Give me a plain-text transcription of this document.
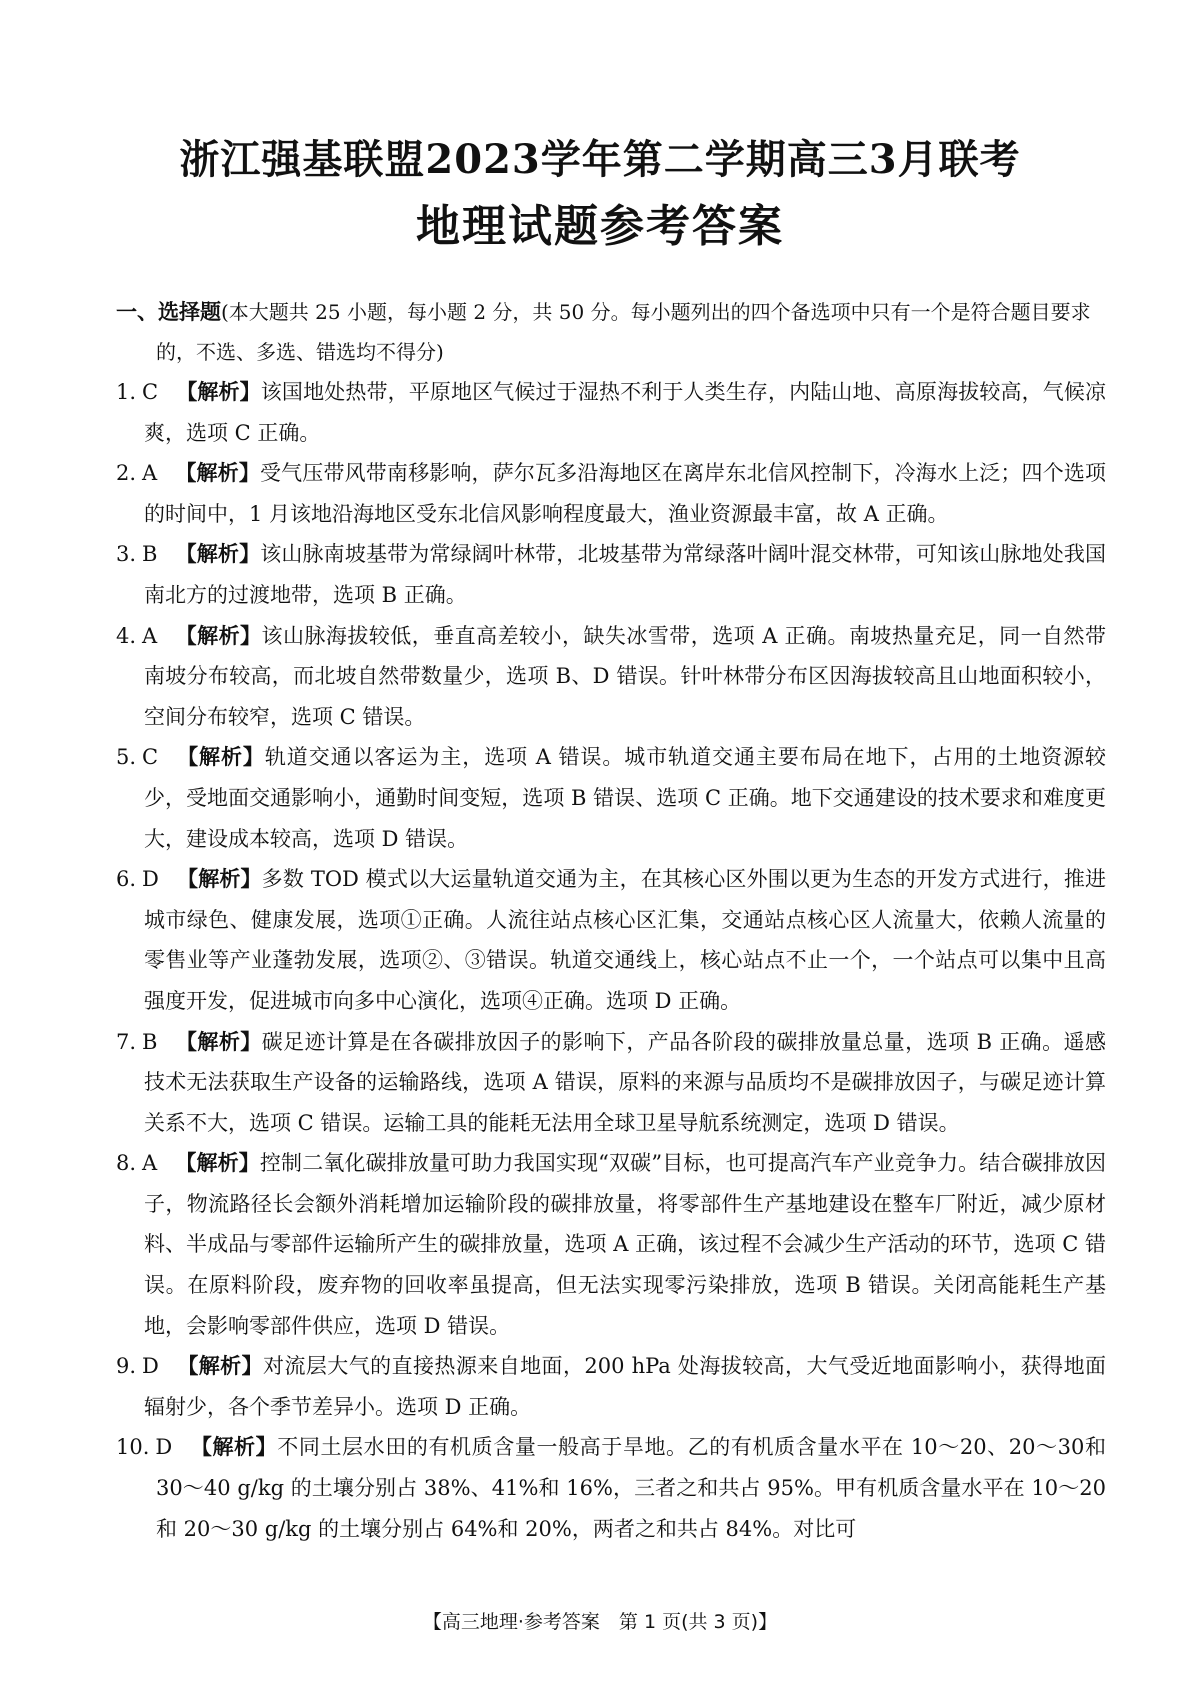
浙江强基联盟2023学年第二学期高三3月联考
地理试题参考答案
一、选择题(本大题共 25 小题，每小题 2 分，共 50 分。每小题列出的四个备选项中只有一个是符合题目要求的，不选、多选、错选均不得分)
1. C 【解析】该国地处热带，平原地区气候过于湿热不利于人类生存，内陆山地、高原海拔较高，气候凉爽，选项 C 正确。
2. A 【解析】受气压带风带南移影响，萨尔瓦多沿海地区在离岸东北信风控制下，冷海水上泛；四个选项的时间中，1 月该地沿海地区受东北信风影响程度最大，渔业资源最丰富，故 A 正确。
3. B 【解析】该山脉南坡基带为常绿阔叶林带，北坡基带为常绿落叶阔叶混交林带，可知该山脉地处我国南北方的过渡地带，选项 B 正确。
4. A 【解析】该山脉海拔较低，垂直高差较小，缺失冰雪带，选项 A 正确。南坡热量充足，同一自然带南坡分布较高，而北坡自然带数量少，选项 B、D 错误。针叶林带分布区因海拔较高且山地面积较小，空间分布较窄，选项 C 错误。
5. C 【解析】轨道交通以客运为主，选项 A 错误。城市轨道交通主要布局在地下，占用的土地资源较少，受地面交通影响小，通勤时间变短，选项 B 错误、选项 C 正确。地下交通建设的技术要求和难度更大，建设成本较高，选项 D 错误。
6. D 【解析】多数 TOD 模式以大运量轨道交通为主，在其核心区外围以更为生态的开发方式进行，推进城市绿色、健康发展，选项①正确。人流往站点核心区汇集，交通站点核心区人流量大，依赖人流量的零售业等产业蓬勃发展，选项②、③错误。轨道交通线上，核心站点不止一个，一个站点可以集中且高强度开发，促进城市向多中心演化，选项④正确。选项 D 正确。
7. B 【解析】碳足迹计算是在各碳排放因子的影响下，产品各阶段的碳排放量总量，选项 B 正确。遥感技术无法获取生产设备的运输路线，选项 A 错误，原料的来源与品质均不是碳排放因子，与碳足迹计算关系不大，选项 C 错误。运输工具的能耗无法用全球卫星导航系统测定，选项 D 错误。
8. A 【解析】控制二氧化碳排放量可助力我国实现“双碳”目标，也可提高汽车产业竞争力。结合碳排放因子，物流路径长会额外消耗增加运输阶段的碳排放量，将零部件生产基地建设在整车厂附近，减少原材料、半成品与零部件运输所产生的碳排放量，选项 A 正确，该过程不会减少生产活动的环节，选项 C 错误。在原料阶段，废弃物的回收率虽提高，但无法实现零污染排放，选项 B 错误。关闭高能耗生产基地，会影响零部件供应，选项 D 错误。
9. D 【解析】对流层大气的直接热源来自地面，200 hPa 处海拔较高，大气受近地面影响小，获得地面辐射少，各个季节差异小。选项 D 正确。
10. D 【解析】不同土层水田的有机质含量一般高于旱地。乙的有机质含量水平在 10～20、20～30和 30～40 g/kg 的土壤分别占 38%、41%和 16%，三者之和共占 95%。甲有机质含量水平在 10～20 和 20～30 g/kg 的土壤分别占 64%和 20%，两者之和共占 84%。对比可
【高三地理·参考答案　第 1 页(共 3 页)】
